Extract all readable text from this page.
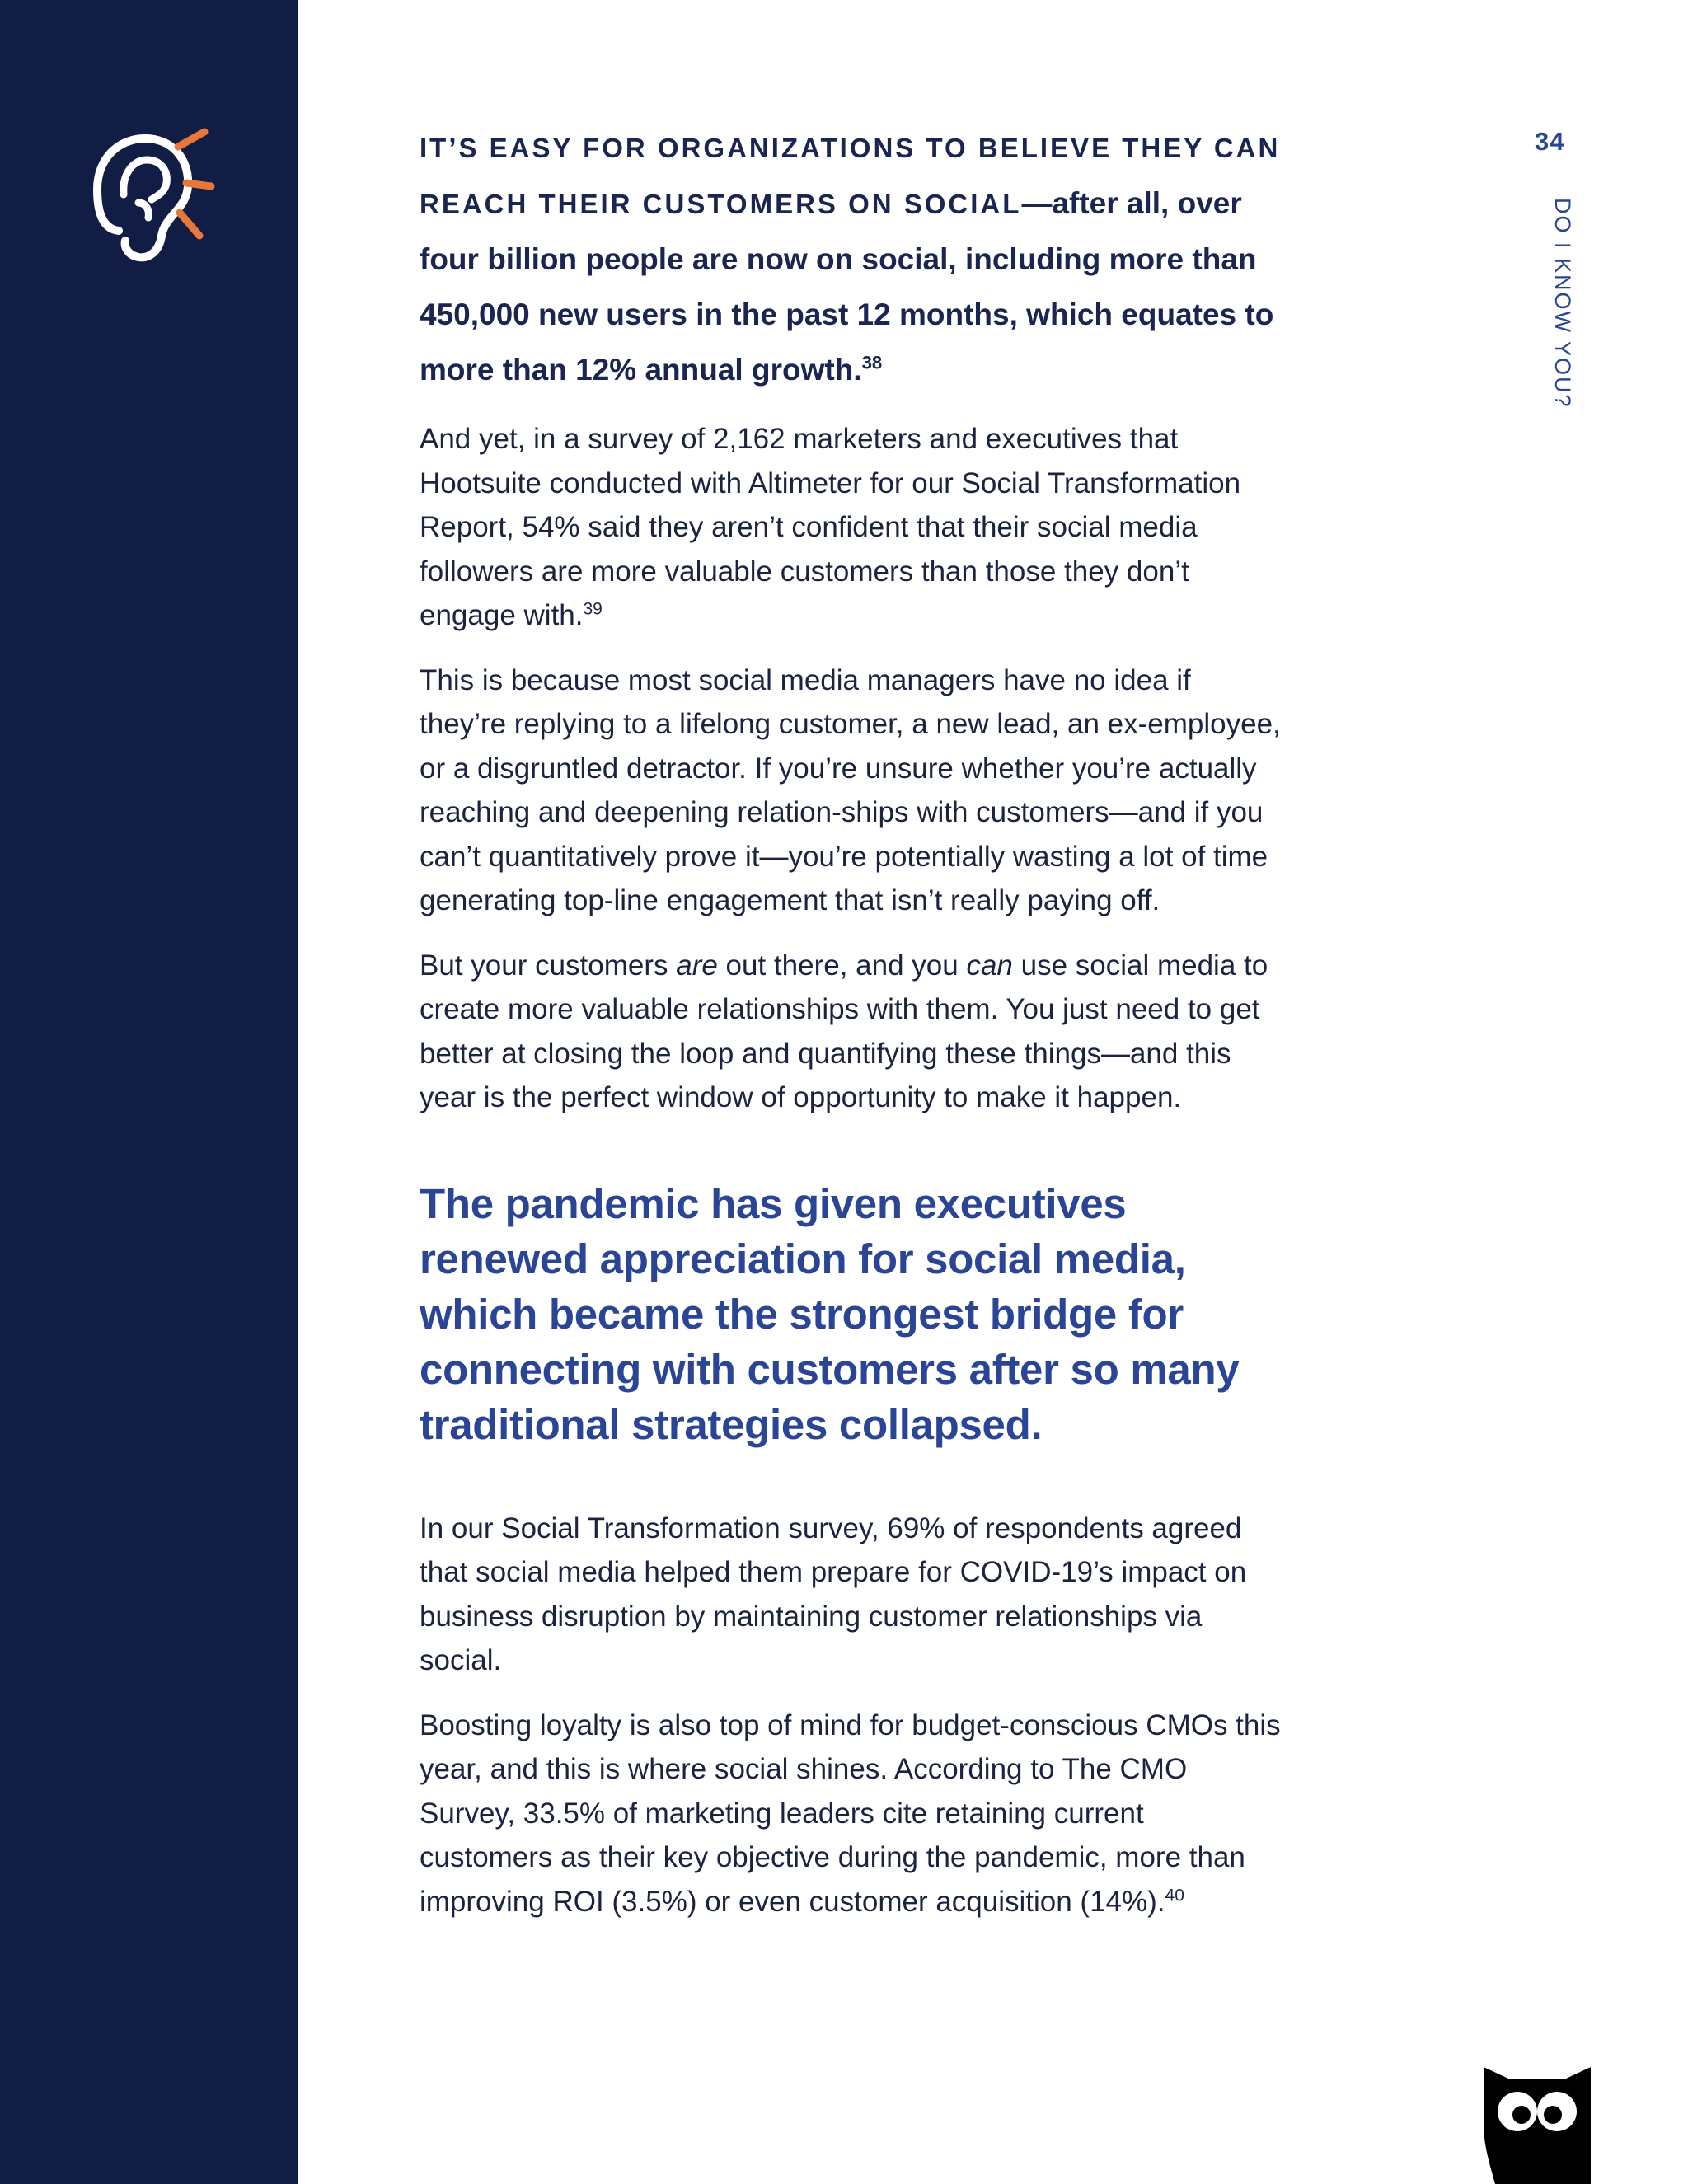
34
DO I KNOW YOU?

IT’S EASY FOR ORGANIZATIONS TO BELIEVE THEY CAN REACH THEIR CUSTOMERS ON SOCIAL—after all, over four billion people are now on social, including more than 450,000 new users in the past 12 months, which equates to more than 12% annual growth.$^{38}$

And yet, in a survey of 2,162 marketers and executives that Hootsuite conducted with Altimeter for our Social Transformation Report, 54% said they aren’t confident that their social media followers are more valuable customers than those they don’t engage with.$^{39}$

This is because most social media managers have no idea if they’re replying to a lifelong customer, a new lead, an ex-employee, or a disgruntled detractor. If you’re unsure whether you’re actually reaching and deepening relation-ships with customers—and if you can’t quantitatively prove it—you’re potentially wasting a lot of time generating top-line engagement that isn’t really paying off.

But your customers are out there, and you can use social media to create more valuable relationships with them. You just need to get better at closing the loop and quantifying these things—and this year is the perfect window of opportunity to make it happen.

The pandemic has given executives renewed appreciation for social media, which became the strongest bridge for connecting with customers after so many traditional strategies collapsed.

In our Social Transformation survey, 69% of respondents agreed that social media helped them prepare for COVID-19’s impact on business disruption by maintaining customer relationships via social.

Boosting loyalty is also top of mind for budget-conscious CMOs this year, and this is where social shines. According to The CMO Survey, 33.5% of marketing leaders cite retaining current customers as their key objective during the pandemic, more than improving ROI (3.5%) or even customer acquisition (14%).$^{40}$
